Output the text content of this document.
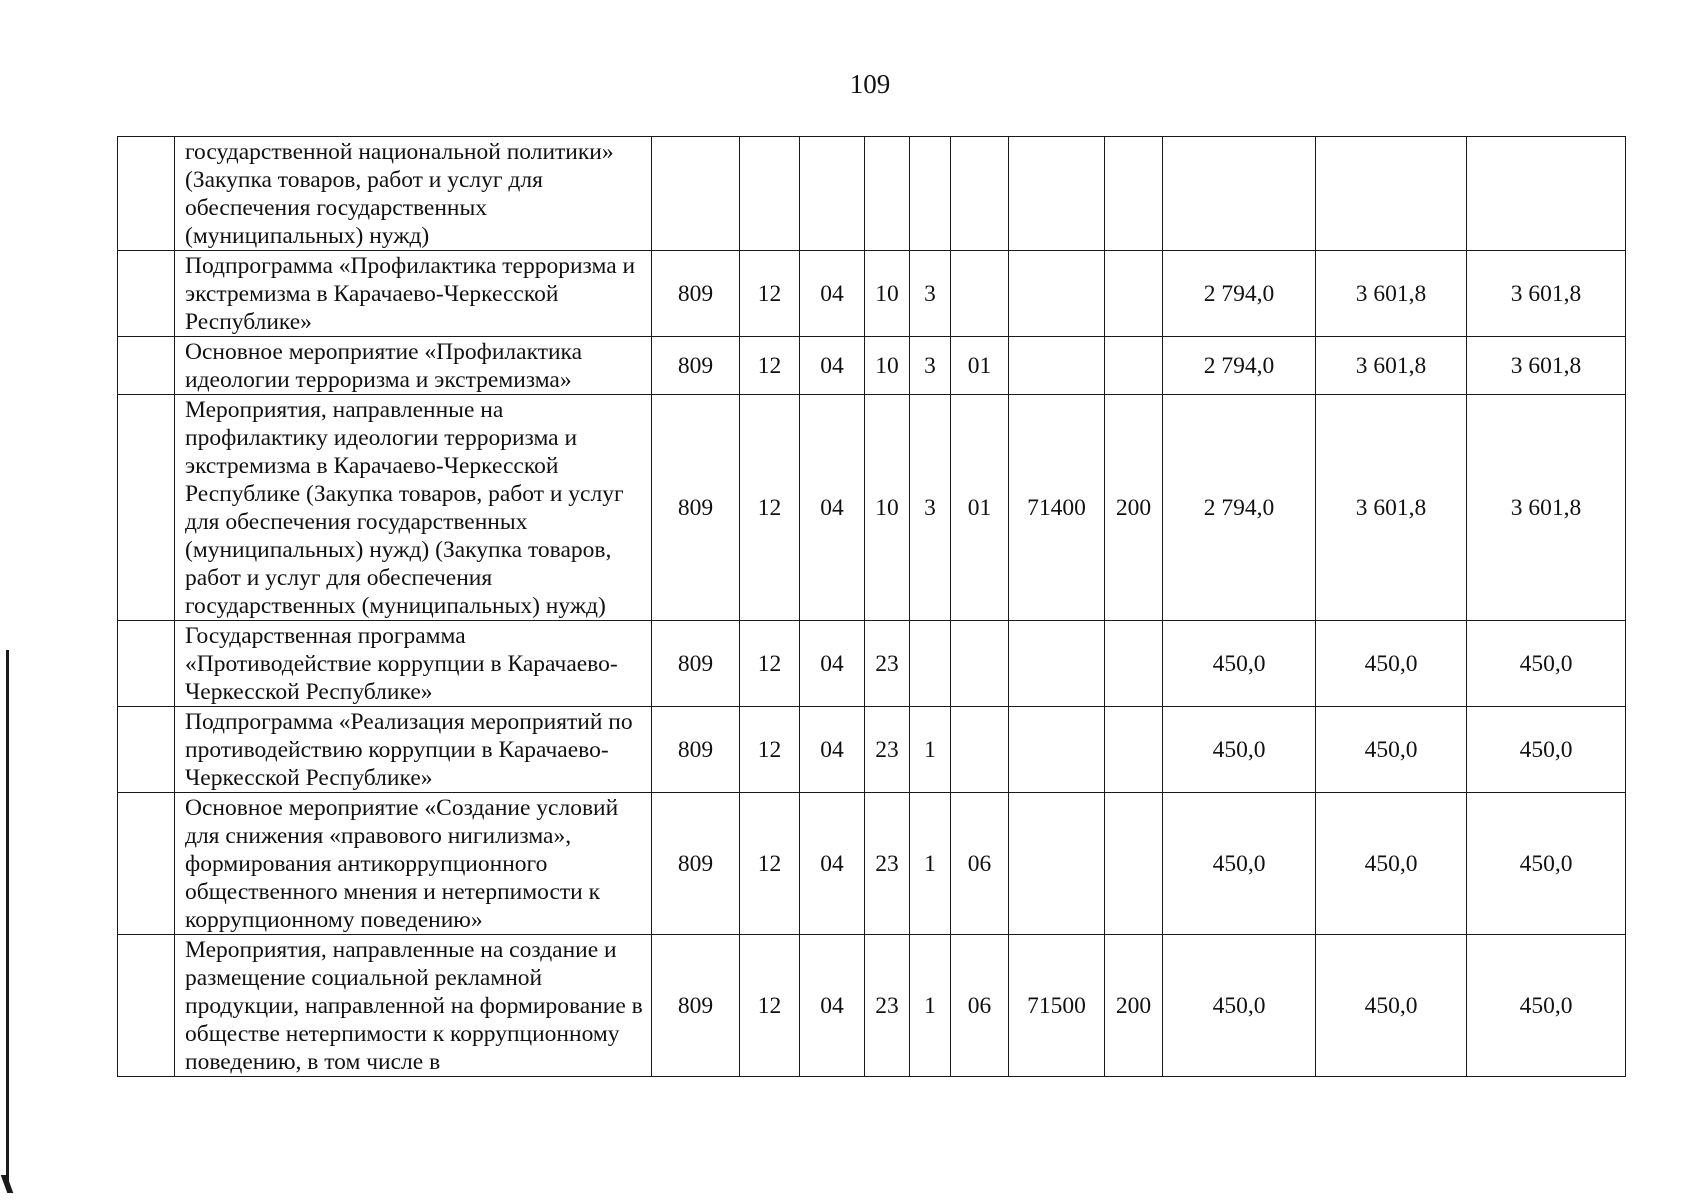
109
	государственной национальной политики» (Закупка товаров, работ и услуг для обеспечения государственных (муниципальных) нужд)											
	Подпрограмма «Профилактика терроризма и экстремизма в Карачаево-Черкесской Республике»	809	12	04	10	3				2 794,0	3 601,8	3 601,8
	Основное мероприятие «Профилактика идеологии терроризма и экстремизма»	809	12	04	10	3	01			2 794,0	3 601,8	3 601,8
	Мероприятия, направленные на профилактику идеологии терроризма и экстремизма в Карачаево-Черкесской Республике (Закупка товаров, работ и услуг для обеспечения государственных (муниципальных) нужд) (Закупка товаров, работ и услуг для обеспечения государственных (муниципальных) нужд)	809	12	04	10	3	01	71400	200	2 794,0	3 601,8	3 601,8
	Государственная программа «Противодействие коррупции в Карачаево-Черкесской Республике»	809	12	04	23					450,0	450,0	450,0
	Подпрограмма «Реализация мероприятий по противодействию коррупции в Карачаево-Черкесской Республике»	809	12	04	23	1				450,0	450,0	450,0
	Основное мероприятие «Создание условий для снижения «правового нигилизма», формирования антикоррупционного общественного мнения и нетерпимости к коррупционному поведению»	809	12	04	23	1	06			450,0	450,0	450,0
	Мероприятия, направленные на создание и размещение социальной рекламной продукции, направленной на формирование в обществе нетерпимости к коррупционному поведению, в том числе в	809	12	04	23	1	06	71500	200	450,0	450,0	450,0
